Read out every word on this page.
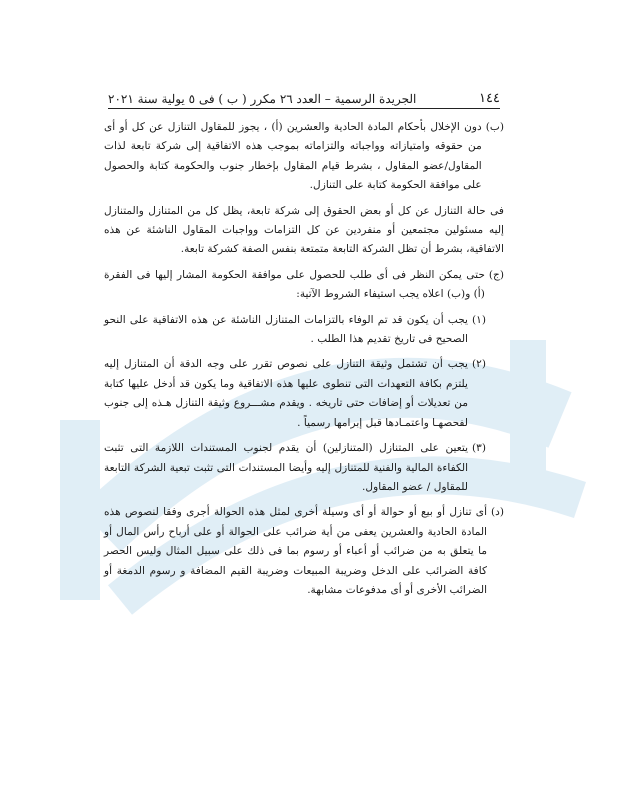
١٤٤
الجريدة الرسمية – العدد ٢٦ مكرر ( ب ) فى ٥ يولية سنة ٢٠٢١
(ب)
دون الإخلال بأحكام المادة الحادية والعشرين (أ) ، يجوز للمقاول التنازل عن كل أو أى من حقوقه وامتيازاته وواجباته والتزاماته بموجب هذه الاتفاقية إلى شركة تابعة لذات المقاول/عضو المقاول ، بشرط قيام المقاول بإخطار جنوب والحكومة كتابة والحصول على موافقة الحكومة كتابة على التنازل.
فى حالة التنازل عن كل أو بعض الحقوق إلى شركة تابعة، يظل كل من المتنازل والمتنازل إليه مسئولين مجتمعين أو منفردين عن كل التزامات وواجبات المقاول الناشئة عن هذه الاتفاقية، بشرط أن تظل الشركة التابعة متمتعة بنفس الصفة كشركة تابعة.
(ج)
حتى يمكن النظر فى أى طلب للحصول على موافقة الحكومة المشار إليها فى الفقرة (أ) و(ب) اعلاه يجب استيفاء الشروط الآتية:
(١)
يجب أن يكون قد تم الوفاء بالتزامات المتنازل الناشئة عن هذه الاتفاقية على النحو الصحيح فى تاريخ تقديم هذا الطلب .
(٢)
يجب أن تشتمل وثيقة التنازل على نصوص تقرر على وجه الدقة أن المتنازل إليه يلتزم بكافة التعهدات التى تنطوى عليها هذه الاتفاقية وما يكون قد أدخل عليها كتابة من تعديلات أو إضافات حتى تاريخه . ويقدم مشـــروع وثيقة التنازل هـذه إلى جنوب لفحصهـا واعتمـادها قبل إبرامها رسمياً .
(٣)
يتعين على المتنازل (المتنازلين) أن يقدم لجنوب المستندات اللازمة التى تثبت الكفاءة المالية والفنية للمتنازل إليه وأيضا المستندات التى تثبت تبعية الشركة التابعة للمقاول / عضو المقاول.
(د)
أى تنازل أو بيع أو حوالة أو أى وسيلة أخرى لمثل هذه الحوالة أجرى وفقا لنصوص هذه المادة الحادية والعشرين يعفى من أية ضرائب على الحوالة أو على أرباح رأس المال أو ما يتعلق به من ضرائب أو أعباء أو رسوم بما فى ذلك على سبيل المثال وليس الحصر كافة الضرائب على الدخل وضريبة المبيعات وضريبة القيم المضافة و رسوم الدمغة أو الضرائب الأخرى أو أى مدفوعات مشابهة.
